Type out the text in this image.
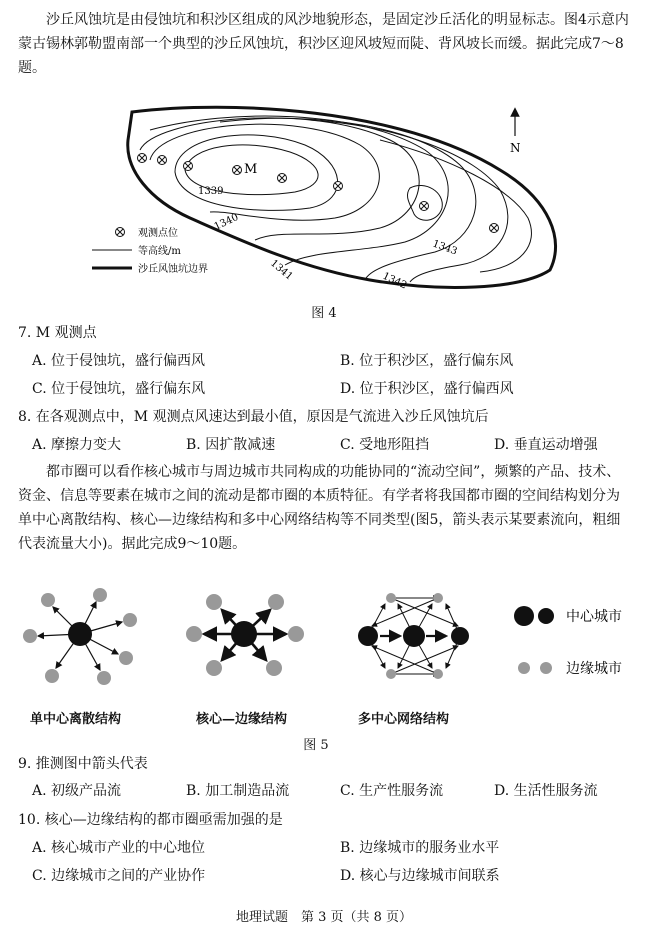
沙丘风蚀坑是由侵蚀坑和积沙区组成的风沙地貌形态，是固定沙丘活化的明显标志。图4示意内蒙古锡林郭勒盟南部一个典型的沙丘风蚀坑，积沙区迎风坡短而陡、背风坡长而缓。据此完成7～8题。
1339
1340
1341	1342
1343
M
N
观测点位
等高线/m
沙丘风蚀坑边界
图 4
7. M 观测点
A. 位于侵蚀坑，盛行偏西风	B. 位于积沙区，盛行偏东风
C. 位于侵蚀坑，盛行偏东风	D. 位于积沙区，盛行偏西风
8. 在各观测点中，M 观测点风速达到最小值，原因是气流进入沙丘风蚀坑后
A. 摩擦力变大	B. 因扩散减速	C. 受地形阻挡	D. 垂直运动增强
都市圈可以看作核心城市与周边城市共同构成的功能协同的“流动空间”，频繁的产品、技术、资金、信息等要素在城市之间的流动是都市圈的本质特征。有学者将我国都市圈的空间结构划分为单中心离散结构、核心—边缘结构和多中心网络结构等不同类型(图5，箭头表示某要素流向，粗细代表流量大小)。据此完成9～10题。
中心城市
边缘城市
单中心离散结构	核心—边缘结构	多中心网络结构
图 5
9. 推测图中箭头代表
A. 初级产品流	B. 加工制造品流	C. 生产性服务流	D. 生活性服务流
10. 核心—边缘结构的都市圈亟需加强的是
A. 核心城市产业的中心地位	B. 边缘城市的服务业水平
C. 边缘城市之间的产业协作	D. 核心与边缘城市间联系
地理试题　第 3 页（共 8 页）
